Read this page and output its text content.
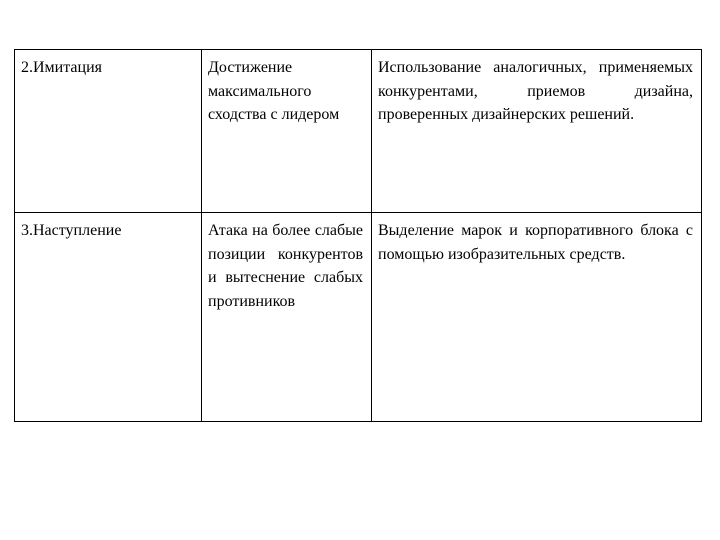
2.Имитация	Достижение максимального сходства с лидером	Использование аналогичных, применяемых конкурентами, приемов дизайна, проверенных дизайнерских решений.

3.Наступление	Атака на более слабые позиции конкурентов и вытеснение слабых противников	Выделение марок и корпоративного блока с помощью изобразительных средств.
